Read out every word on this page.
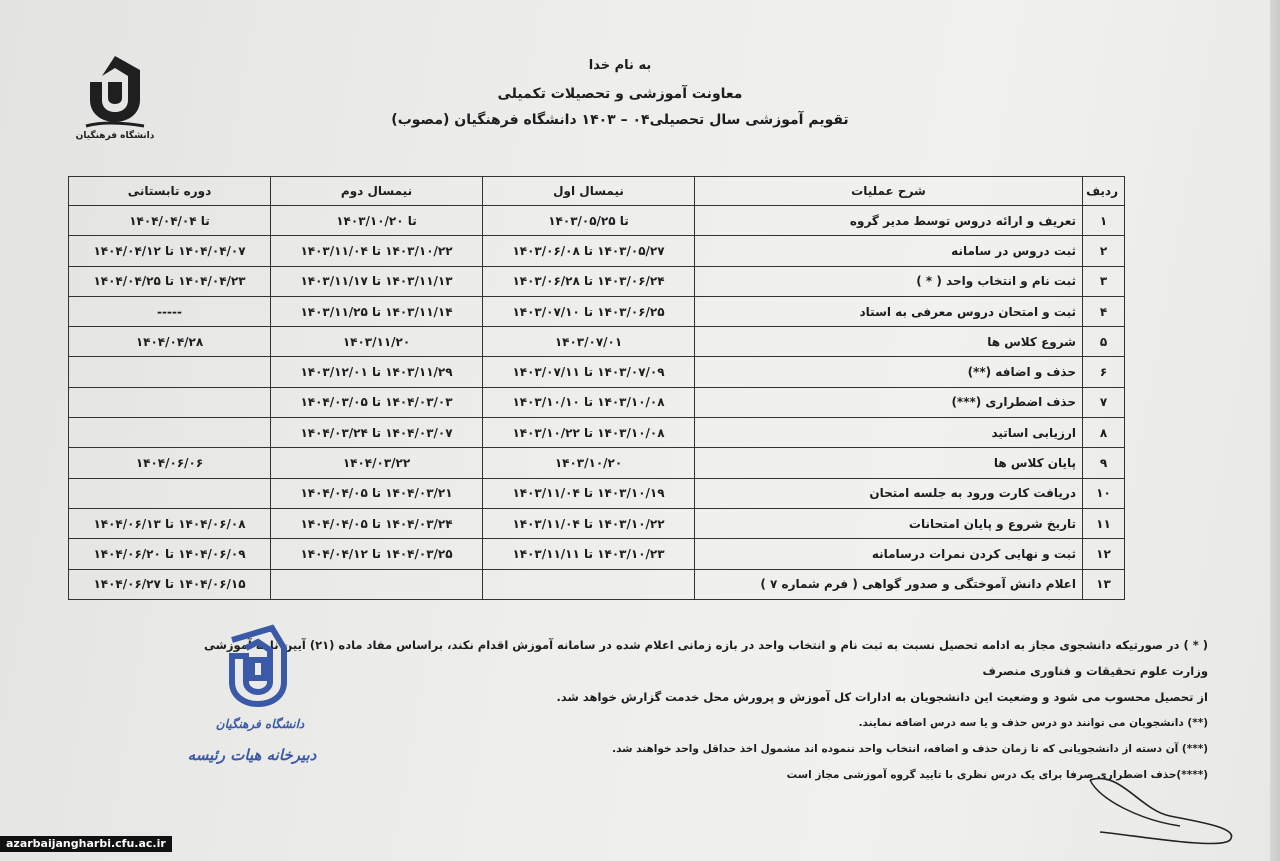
دانشگاه فرهنگیان
به نام خدا
معاونت آموزشی و تحصیلات تکمیلی
تقویم آموزشی سال تحصیلی۰۴ – ۱۴۰۳ دانشگاه فرهنگیان (مصوب)
ردیف	شرح عملیات	نیمسال اول	نیمسال دوم	دوره تابستانی
۱	تعریف و ارائه دروس توسط مدیر گروه	تا ۱۴۰۳/۰۵/۲۵	تا ۱۴۰۳/۱۰/۲۰	تا ۱۴۰۴/۰۴/۰۴
۲	ثبت دروس در سامانه	۱۴۰۳/۰۵/۲۷ تا ۱۴۰۳/۰۶/۰۸	۱۴۰۳/۱۰/۲۲ تا ۱۴۰۳/۱۱/۰۴	۱۴۰۴/۰۴/۰۷ تا ۱۴۰۴/۰۴/۱۲
۳	ثبت نام و انتخاب واحد ( * )	۱۴۰۳/۰۶/۲۴ تا ۱۴۰۳/۰۶/۲۸	۱۴۰۳/۱۱/۱۳ تا ۱۴۰۳/۱۱/۱۷	۱۴۰۴/۰۴/۲۳ تا ۱۴۰۴/۰۴/۲۵
۴	ثبت و امتحان دروس معرفی به استاد	۱۴۰۳/۰۶/۲۵ تا ۱۴۰۳/۰۷/۱۰	۱۴۰۳/۱۱/۱۴ تا ۱۴۰۳/۱۱/۲۵	-----
۵	شروع کلاس ها	۱۴۰۳/۰۷/۰۱	۱۴۰۳/۱۱/۲۰	۱۴۰۴/۰۴/۲۸
۶	حذف و اضافه (**)	۱۴۰۳/۰۷/۰۹ تا ۱۴۰۳/۰۷/۱۱	۱۴۰۳/۱۱/۲۹ تا ۱۴۰۳/۱۲/۰۱	
۷	حذف اضطراری (***)	۱۴۰۳/۱۰/۰۸ تا ۱۴۰۳/۱۰/۱۰	۱۴۰۴/۰۳/۰۳ تا ۱۴۰۴/۰۳/۰۵	
۸	ارزیابی اساتید	۱۴۰۳/۱۰/۰۸ تا ۱۴۰۳/۱۰/۲۲	۱۴۰۴/۰۳/۰۷ تا ۱۴۰۴/۰۳/۲۴	
۹	پایان کلاس ها	۱۴۰۳/۱۰/۲۰	۱۴۰۴/۰۳/۲۲	۱۴۰۴/۰۶/۰۶
۱۰	دریافت کارت ورود به جلسه امتحان	۱۴۰۳/۱۰/۱۹ تا ۱۴۰۳/۱۱/۰۴	۱۴۰۴/۰۳/۲۱ تا ۱۴۰۴/۰۴/۰۵	
۱۱	تاریخ شروع و پایان امتحانات	۱۴۰۳/۱۰/۲۲ تا ۱۴۰۳/۱۱/۰۴	۱۴۰۴/۰۳/۲۴ تا ۱۴۰۴/۰۴/۰۵	۱۴۰۴/۰۶/۰۸ تا ۱۴۰۴/۰۶/۱۳
۱۲	ثبت و نهایی کردن نمرات درسامانه	۱۴۰۳/۱۰/۲۳ تا ۱۴۰۳/۱۱/۱۱	۱۴۰۴/۰۳/۲۵ تا ۱۴۰۴/۰۴/۱۲	۱۴۰۴/۰۶/۰۹ تا ۱۴۰۴/۰۶/۲۰
۱۳	اعلام دانش آموختگی و صدور گواهی ( فرم شماره ۷ )			۱۴۰۴/۰۶/۱۵ تا ۱۴۰۴/۰۶/۲۷

( * ) در صورتیکه دانشجوی مجاز به ادامه تحصیل نسبت به ثبت نام و انتخاب واحد در بازه زمانی اعلام شده در سامانه آموزش اقدام نکند، براساس مفاد ماده (۲۱) آیین نامه آموزشی وزارت علوم تحقیقات و فناوری منصرف

از تحصیل محسوب می شود و وضعیت این دانشجویان به ادارات کل آموزش و پرورش محل خدمت گزارش خواهد شد.

(**) دانشجویان می توانند دو درس حذف و یا سه درس اضافه نمایند.

(***) آن دسته از دانشجویانی که تا زمان حذف و اضافه، انتخاب واحد ننموده اند مشمول اخذ حداقل واحد خواهند شد.

(****)حذف اضطراری صرفا برای یک درس نظری با تایید گروه آموزشی مجاز است

دانشگاه فرهنگیان
دبیرخانه هیات رئیسه
azarbaijangharbi.cfu.ac.ir
